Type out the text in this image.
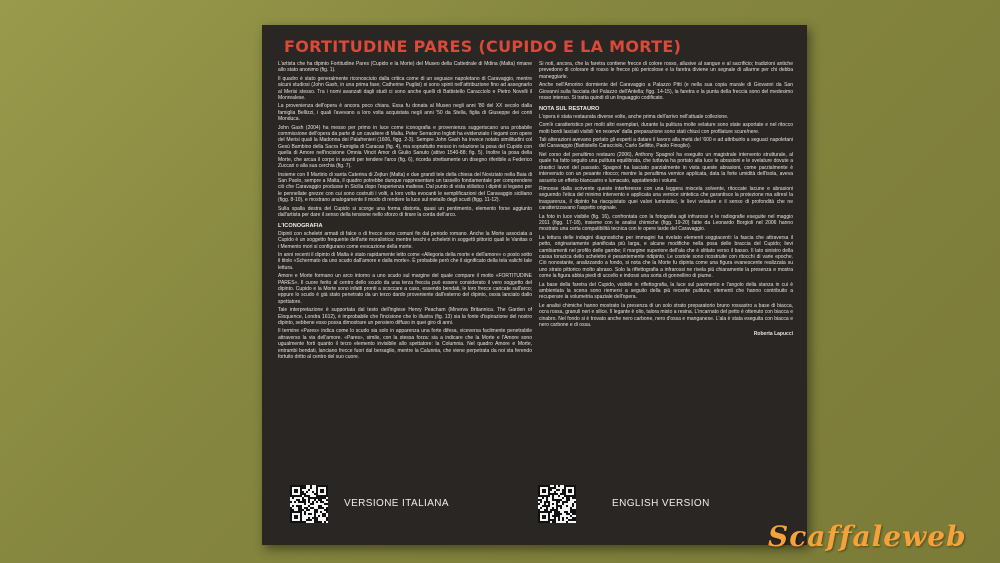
FORTITUDINE PARES (CUPIDO E LA MORTE)

L'artista che ha dipinto Fortitudine Pares (Cupido e la Morte) del Museo della Cattedrale di Mdina (Malta) rimane allo stato anonimo (fig. 1).

Il quadro è stato generalmente riconosciuto dalla critica come di un seguace napoletano di Caravaggio, mentre alcuni studiosi (John Gash, in una prima fase; Catherine Puglisi) si sono spinti nell'attribuzione fino ad assegnarlo al Merisi stesso. Tra i nomi avanzati dagli studi ci sono anche quelli di Battistello Caracciolo e Pietro Novelli il Monrealese.

La provenienza dell'opera è ancora poco chiara. Essa fu donata al Museo negli anni '80 del XX secolo dalla famiglia Bellizzi, i quali l'avevano a loro volta acquistata negli anni '50 da Stella, figlia di Giuseppe dei conti Monduca.

John Gash (2004) ha messo per primo in luce come iconografia e provenienza suggeriscano una probabile commissione dell'opera da parte di un cavaliere di Malta. Peter Serracino Inglott ha evidenziato i legami con opere del Merisi quali la Madonna dei Palafrenieri (1606, figg. 2-3). Sempre John Gash ha invece notato similitudini col Gesù Bambino della Sacra Famiglia di Caracas (fig. 4), ma soprattutto messo in relazione la posa del Cupido con quella di Amore nell'incisione Omnia Vincit Amor di Giulio Sanuto (attivo 1540-88; fig. 5). Inoltre la posa della Morte, che arcua il corpo in avanti per tendere l'arco (fig. 6), ricorda strettamente un disegno riferibile a Federico Zuccari o alla sua cerchia (fig. 7).

Insieme con Il Martirio di santa Caterina di Zejtun (Malta) e due grandi tele della chiesa del Noviziato nella Baia di San Paolo, sempre a Malta, il quadro potrebbe dunque rappresentare un tassello fondamentale per comprendere ciò che Caravaggio produsse in Sicilia dopo l'esperienza maltese. Dal punto di vista stilistico i dipinti si legano per le pennellate grezze con cui sono costruiti i volti, a loro volta evocanti le semplificazioni del Caravaggio siciliano (figg. 8-10), e mostrano analogamente il modo di rendere la luce sul metallo degli scudi (figg. 11-12).

Sulla spalla destra del Cupido si scorge una forma distorta, quasi un pentimento, elemento forse aggiunto dall'artista per dare il senso della tensione nello sforzo di tirare la corda dell'arco.

L'ICONOGRAFIA

Dipinti con scheletri armati di falce o di frecce sono comuni fin dal periodo romano. Anche la Morte associata a Cupido è un soggetto frequente dell'arte moralistica: mentre teschi e scheletri in soggetti pittorici quali le Vanitas o i Memento mori si configurano come evocazione della morte.

In anni recenti il dipinto di Malta è stato rapidamente letto come «Allegoria della morte e dell'amore» o posto sotto il titolo «Schermato da uno scudo dall'amore e dalla morte». È probabile però che il significato della tela valichi tale lettura.

Amore e Morte formano un arco intorno a uno scudo sul margine del quale compare il motto «FORTITUDINE PARES». Il cuore ferito al centro dello scudo da una terza freccia può essere considerato il vero soggetto del dipinto. Cupido e la Morte sono infatti pronti a scoccare a caso, essendo bendati, le loro frecce caricate sull'arco; eppure lo scudo è già stato penetrato da un terzo dardo proveniente dall'esterno del dipinto, ossia lanciato dallo spettatore.

Tale interpretazione è supportata dal testo dell'inglese Henry Peacham (Minerva Britannica. The Garden of Eloquence, Londra 1612), è improbabile che l'incisione che lo illustra (fig. 13) sia la fonte d'ispirazione del nostro dipinto, sebbene esso possa dimostrare un pensiero diffuso in quei giro di anni.

Il termine «Pares» indica come lo scudo sia solo in apparenza una forte difesa, viceversa facilmente penetrabile attraverso la via dell'amore. «Pares», simile, con la stessa forza: sia a indicare che la Morte e l'Amore sono ugualmente forti quanto il terzo elemento invisibile allo spettatore: la Columnia. Nel quadro Amore e Morte, entrambi bendati, lanciano frecce fuori dal bersaglio, mentre la Calunnia, che viene perpetrata da noi sta ferendo fortuito dritto al centro del suo cuore.

Si noti, ancora, che la faretra contiene frecce di colore rosso, allusive al sangue e al sacrificio; tradizioni antiche prevedono di colorare di rosso le frecce più pericolose e la faretra diviene un segnale di allarme per chi debba maneggiarle.

Anche nell'Amorino dormiente del Caravaggio a Palazzo Pitti (e nella sua copia murale di Giovanni da San Giovanni sulla facciata del Palazzo dell'Antella; figg. 14-15), la faretra e la punta della freccia sono del medesimo rosso intenso. Si tratta quindi di un linguaggio codificato.

NOTA SUL RESTAURO

L'opera è stata restaurata diverse volte, anche prima dell'arrivo nell'attuale collezione.

Com'è caratteristico per molti altri esemplari, durante la pulitura molte velature sono state asportate e nel ritocco molti bordi lasciati visibili 'en reserve' dalla preparazione sono stati chiusi con profilature scure/nere.

Tali alterazioni avevano portato gli esperti a datare il lavoro alla metà del '600 e ad attribuirlo a seguaci napoletani del Caravaggio (Battistello Caracciolo, Carlo Sellitto, Paolo Finoglio).

Nel corso del penultimo restauro (2006), Anthony Spagnol ha eseguito un magistrale intervento strutturale, al quale ha fatto seguito una pulitura equilibrata, che tuttavia ha portato alla luce le abrasioni e le svelature dovute a drastici lavori del passato. Spagnol ha lasciato parzialmente in vista queste abrasioni, come parzialmente è intervenuto con un pesante ritocco; mentre la penultima vernice applicata, data la forte umidità dell'isola, aveva assunto un effetto biancastro e lumacato, appiattendo i volumi.

Rimosse dalla scrivente queste interferenze con una leggera miscela solvente, ritoccate lacune e abrasioni seguendo l'etica del minimo intervento e applicata una vernice sintetica che garantisce la protezione ma altresì la trasparenza, il dipinto ha riacquistato quei valori luministici, le lievi velature e il senso di profondità che ne caratterizzavano l'aspetto originale.

La foto in luce visibile (fig. 16), confrontata con la fotografia agli infrarossi e le radiografie eseguite nel maggio 2011 (figg. 17-18), insieme con le analisi chimiche (figg. 19-20) fatte da Leonardo Borgioli nel 2006 hanno mostrato una certa compatibilità tecnica con le opere tarde del Caravaggio.

La lettura delle indagini diagnostiche per immagini ha rivelato elementi soggiacenti: la fascia che attraversa il petto, originariamente pianificata più larga, e alcune modifiche nella posa delle braccia del Cupido; lievi cambiamenti nel profilo delle gambe; il margine superiore dell'ala che è slittato verso il basso. Il lato sinistro della cassa toracica dello scheletro è pesantemente ridipinto. Le costole sono ricostruite con ritocchi di varie epoche. Ciò nonostante, analizzando a fondo, si nota che la Morte fu dipinta come una figura evanescente realizzata su uno strato pittorico molto abraso. Solo la riflettografia a infrarossi ne rivela più chiaramente la presenza e mostra come la figura abbia piedi di uccello e indossi una sorta di gonnellino di piume.

La base della faretra del Cupido, visibile in riflettografia, la luce sul pavimento e l'angolo della stanza in cui è ambientata la scena sono riemersi a seguito della più recente pulitura; elementi che hanno contribuito a recuperare la volumetria spaziale dell'opera.

Le analisi chimiche hanno mostrato la presenza di un solo strato preparatorio bruno rossastro a base di biacca, ocra rossa, granuli neri e silice. Il legante è olio, talora misto a resina. L'incarnato del petto è ottenuto con biacca e cinabro. Nel fondo si è trovato anche nero carbone, nero d'ossa e manganese. L'ala è stata eseguita con biacca e nero carbone e di ossa.

Roberta Lapucci
VERSIONE ITALIANA	ENGLISH VERSION
Scaffaleweb
